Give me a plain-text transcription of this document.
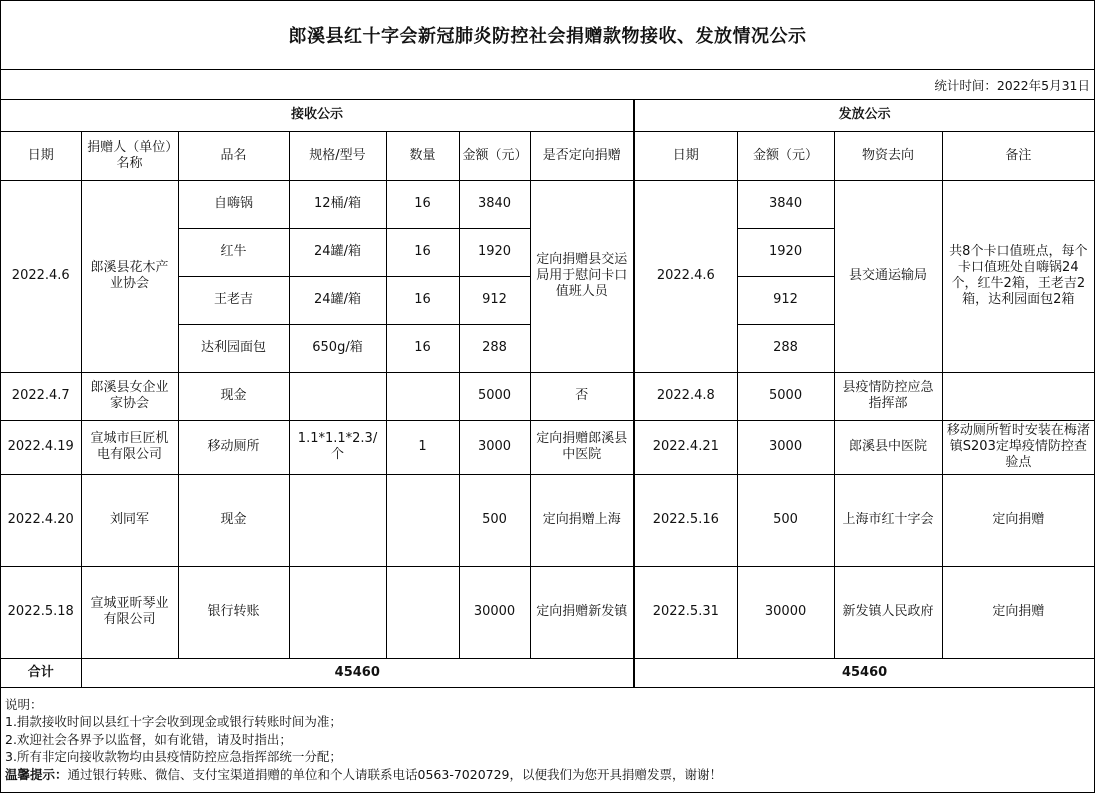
郎溪县红十字会新冠肺炎防控社会捐赠款物接收、发放情况公示
统计时间：2022年5月31日
接收公示							发放公示			
日期	捐赠人（单位）名称	品名	规格/型号	数量	金额（元）	是否定向捐赠	日期	金额（元）	物资去向	备注
2022.4.6	郎溪县花木产业协会	自嗨锅	12桶/箱	16	3840	定向捐赠县交运局用于慰问卡口值班人员	2022.4.6	3840	县交通运输局	共8个卡口值班点，每个卡口值班处自嗨锅24个，红牛2箱，王老吉2箱，达利园面包2箱
		红牛	24罐/箱	16	1920			1920		
		王老吉	24罐/箱	16	912			912		
		达利园面包	650g/箱	16	288			288		
2022.4.7	郎溪县女企业家协会	现金			5000	否	2022.4.8	5000	县疫情防控应急指挥部	
2022.4.19	宣城市巨匠机电有限公司	移动厕所	1.1*1.1*2.3/个	1	3000	定向捐赠郎溪县中医院	2022.4.21	3000	郎溪县中医院	移动厕所暂时安装在梅渚镇S203定埠疫情防控查验点
2022.4.20	刘同军	现金			500	定向捐赠上海	2022.5.16	500	上海市红十字会	定向捐赠
2022.5.18	宣城亚昕琴业有限公司	银行转账			30000	定向捐赠新发镇	2022.5.31	30000	新发镇人民政府	定向捐赠
合计	45460						45460			
说明：
1.捐款接收时间以县红十字会收到现金或银行转账时间为准；
2.欢迎社会各界予以监督，如有讹错，请及时指出；
3.所有非定向接收款物均由县疫情防控应急指挥部统一分配；
温馨提示：通过银行转账、微信、支付宝渠道捐赠的单位和个人请联系电话0563-7020729，以便我们为您开具捐赠发票，谢谢！
